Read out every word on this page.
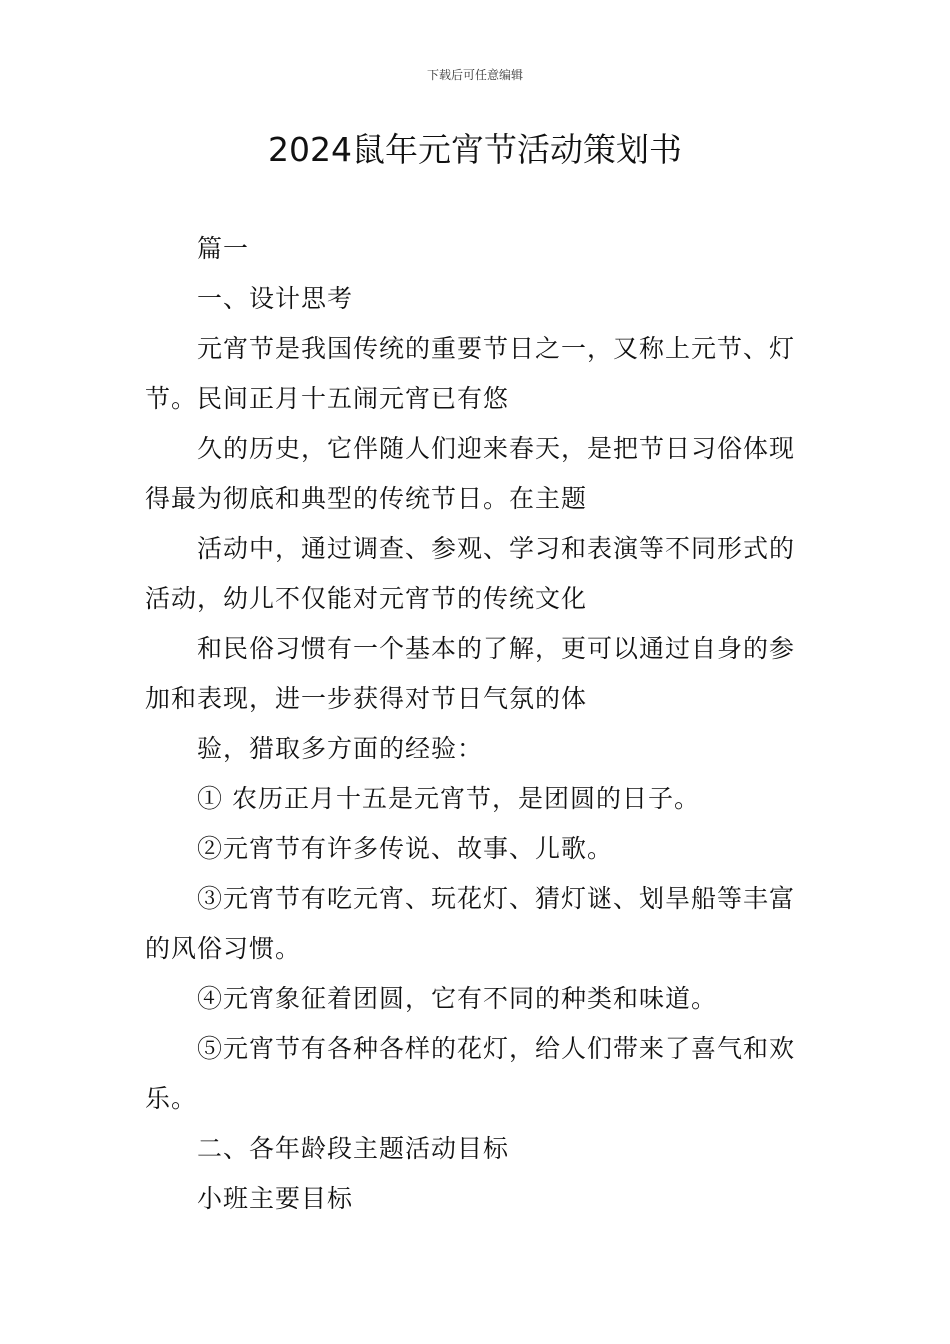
下载后可任意编辑
2024鼠年元宵节活动策划书

篇一

一、设计思考

元宵节是我国传统的重要节日之一，又称上元节、灯节。民间正月十五闹元宵已有悠

久的历史，它伴随人们迎来春天，是把节日习俗体现得最为彻底和典型的传统节日。在主题

活动中，通过调查、参观、学习和表演等不同形式的活动，幼儿不仅能对元宵节的传统文化

和民俗习惯有一个基本的了解，更可以通过自身的参加和表现，进一步获得对节日气氛的体

验，猎取多方面的经验：

① 农历正月十五是元宵节，是团圆的日子。

②元宵节有许多传说、故事、儿歌。

③元宵节有吃元宵、玩花灯、猜灯谜、划旱船等丰富的风俗习惯。

④元宵象征着团圆，它有不同的种类和味道。

⑤元宵节有各种各样的花灯，给人们带来了喜气和欢乐。

二、各年龄段主题活动目标

小班主要目标
